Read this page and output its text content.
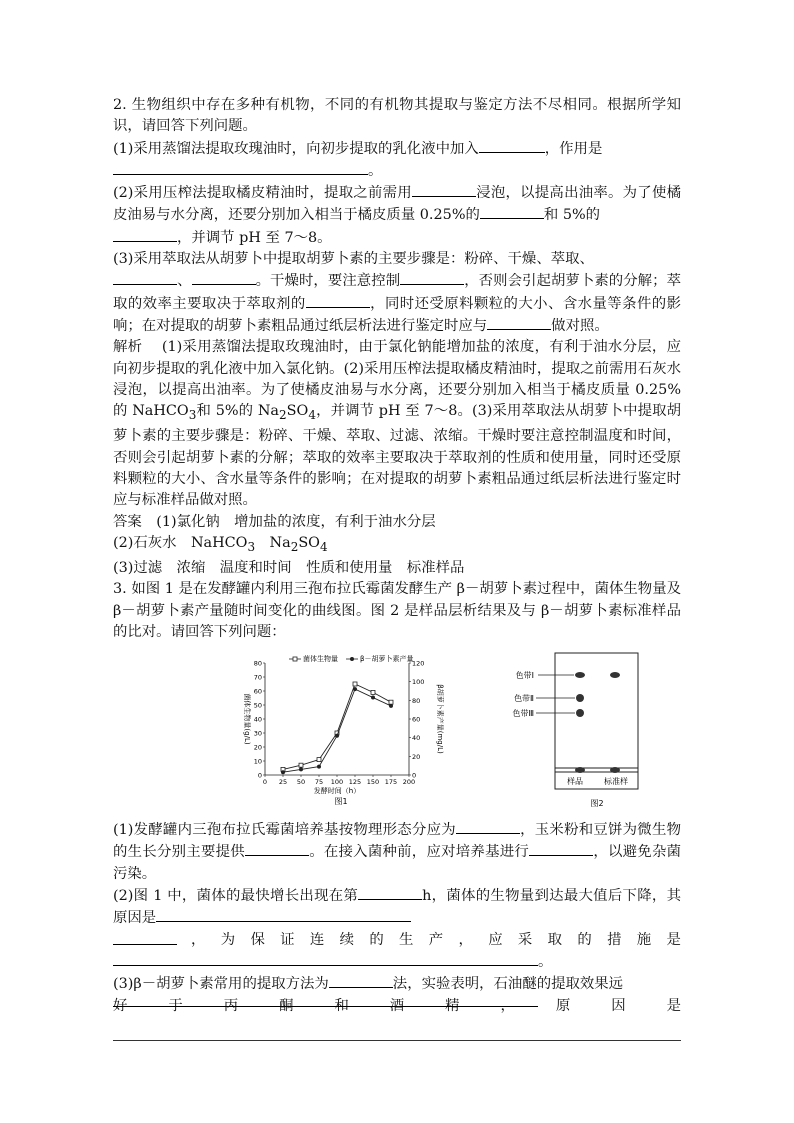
2. 生物组织中存在多种有机物，不同的有机物其提取与鉴定方法不尽相同。根据所学知识，请回答下列问题。

(1)采用蒸馏法提取玫瑰油时，向初步提取的乳化液中加入	，作用是
。

(2)采用压榨法提取橘皮精油时，提取之前需用	浸泡，以提高出油率。为了使橘皮油易与水分离，还要分别加入相当于橘皮质量 0.25%的	和 5%的
，并调节 pH 至 7～8。

(3)采用萃取法从胡萝卜中提取胡萝卜素的主要步骤是：粉碎、干燥、萃取、
、	。干燥时，要注意控制	，否则会引起胡萝卜素的分解；萃取的效率主要取决于萃取剂的	，同时还受原料颗粒的大小、含水量等条件的影响；在对提取的胡萝卜素粗品通过纸层析法进行鉴定时应与	做对照。

解析　 (1)采用蒸馏法提取玫瑰油时，由于氯化钠能增加盐的浓度，有利于油水分层，应向初步提取的乳化液中加入氯化钠。(2)采用压榨法提取橘皮精油时，提取之前需用石灰水浸泡，以提高出油率。为了使橘皮油易与水分离，还要分别加入相当于橘皮质量 0.25%的 NaHCO$_3$和 5%的 $Na_2SO_4$，并调节 pH 至 7～8。(3)采用萃取法从胡萝卜中提取胡萝卜素的主要步骤是：粉碎、干燥、萃取、过滤、浓缩。干燥时要注意控制温度和时间，否则会引起胡萝卜素的分解；萃取的效率主要取决于萃取剂的性质和使用量，同时还受原料颗粒的大小、含水量等条件的影响；在对提取的胡萝卜素粗品通过纸层析法进行鉴定时应与标准样品做对照。

答案　 (1)氯化钠　增加盐的浓度，有利于油水分层

(2)石灰水　NaHCO$_3$　$Na_2SO_4$

(3)过滤　浓缩　温度和时间　性质和使用量　标准样品

3. 如图 1 是在发酵罐内利用三孢布拉氏霉菌发酵生产 β－胡萝卜素过程中，菌体生物量及 β－胡萝卜素产量随时间变化的曲线图。图 2 是样品层析结果及与 β－胡萝卜素标准样品的比对。请回答下列问题：

0 25 50 75 100 125 150 175 200
0
10
20
30
40
50
60
70
80
0
20
40
60
80
100
120
发酵时间（h）
菌体生物量(g/L)	β胡萝卜素产量(mg/L)
菌体生物量	β－胡萝卜素产量
图1
色带Ⅰ
色带Ⅱ
色带Ⅲ
样品	标准样
图2

(1)发酵罐内三孢布拉氏霉菌培养基按物理形态分应为	，玉米粉和豆饼为微生物的生长分别主要提供	。在接入菌种前，应对培养基进行	，以避免杂菌污染。

(2)图 1 中，菌体的最快增长出现在第	h，菌体的生物量到达最大值后下降，其原因是

， 为 保 证 连 续 的 生 产 ， 应 采 取 的 措 施 是

。

(3)β－胡萝卜素常用的提取方法为	法，实验表明，石油醚的提取效果远

好	于	丙	酮	和	酒	精	，	原	因	是
